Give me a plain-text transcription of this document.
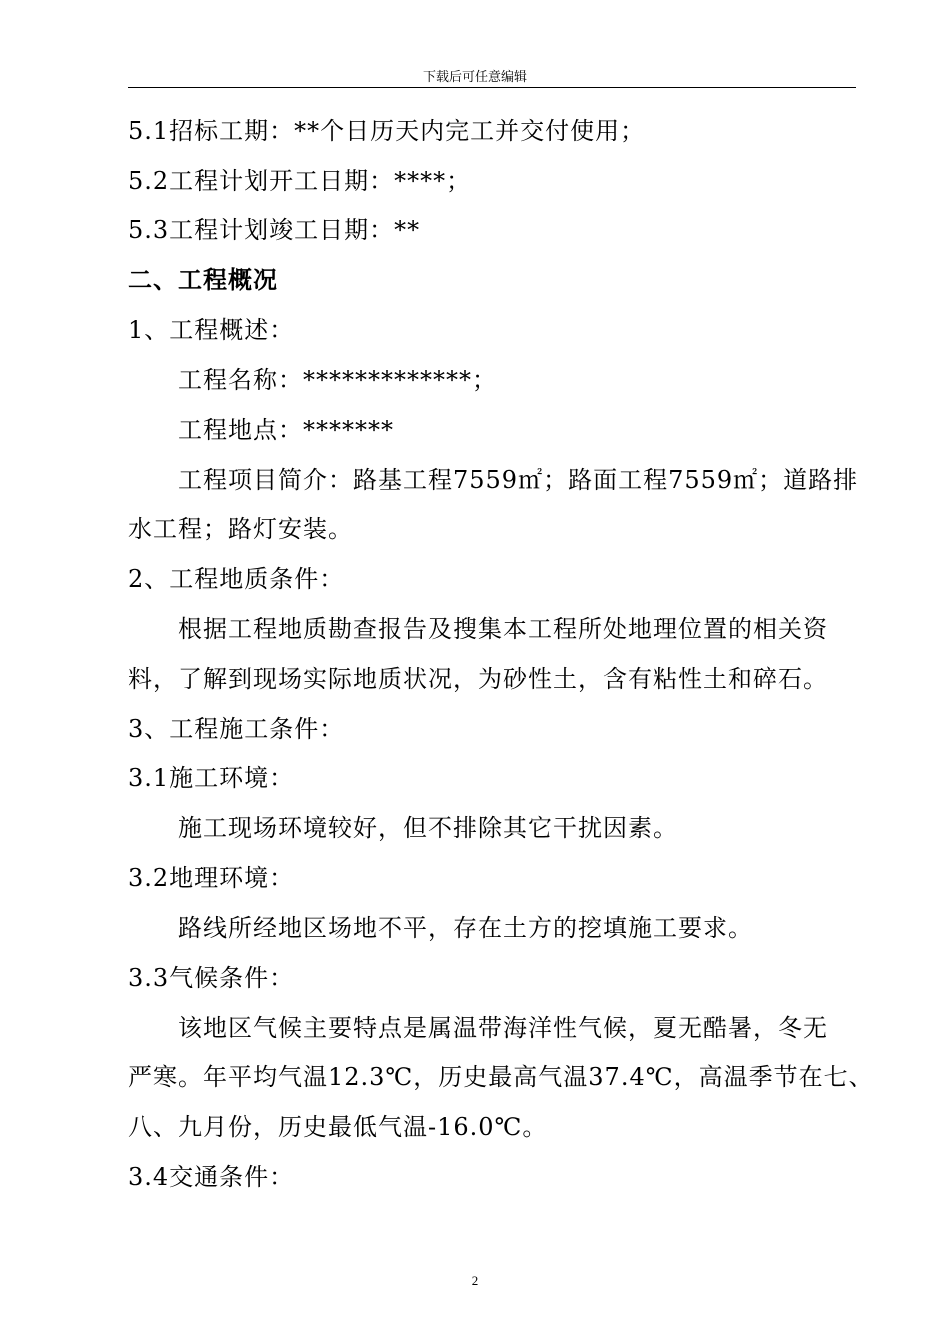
下载后可任意编辑
5.1招标工期：**个日历天内完工并交付使用；
5.2工程计划开工日期：****；
5.3工程计划竣工日期：**
二、工程概况
1、工程概述：
工程名称：*************；
工程地点：*******
工程项目简介：路基工程7559㎡；路面工程7559㎡；道路排
水工程；路灯安装。
2、工程地质条件：
根据工程地质勘查报告及搜集本工程所处地理位置的相关资
料，了解到现场实际地质状况，为砂性土，含有粘性土和碎石。
3、工程施工条件：
3.1施工环境：
施工现场环境较好，但不排除其它干扰因素。
3.2地理环境：
路线所经地区场地不平，存在土方的挖填施工要求。
3.3气候条件：
该地区气候主要特点是属温带海洋性气候，夏无酷暑，冬无
严寒。年平均气温12.3℃，历史最高气温37.4℃，高温季节在七、
八、九月份，历史最低气温-16.0℃。
3.4交通条件：
2
